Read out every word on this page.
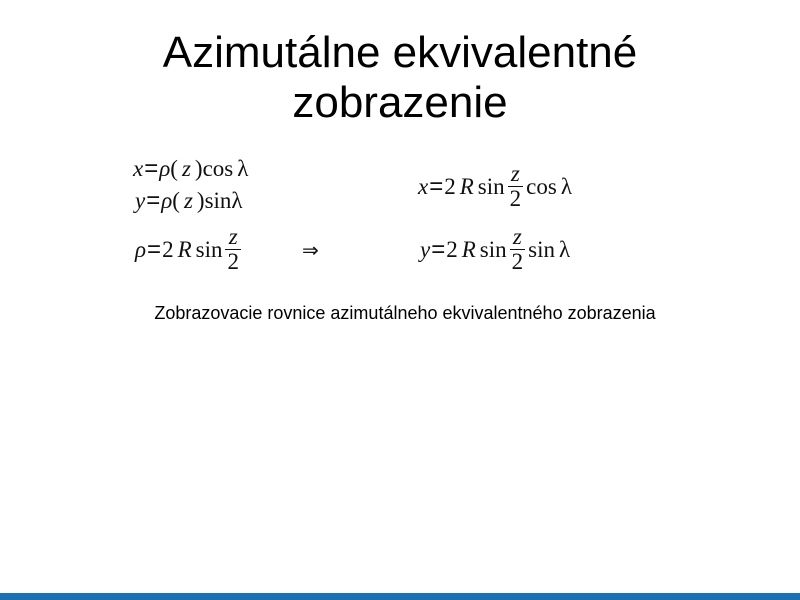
Azimutálne ekvivalentné
zobrazenie
x = ρ ( z ) cos λ
y = ρ ( z ) sin λ
ρ = 2 R $\sin \frac{z}{2}$	⇒
x = 2 R $\sin \frac{z}{2}$ cos λ
y = 2 R $\sin \frac{z}{2}$ sin λ
Zobrazovacie rovnice azimutálneho ekvivalentného zobrazenia
